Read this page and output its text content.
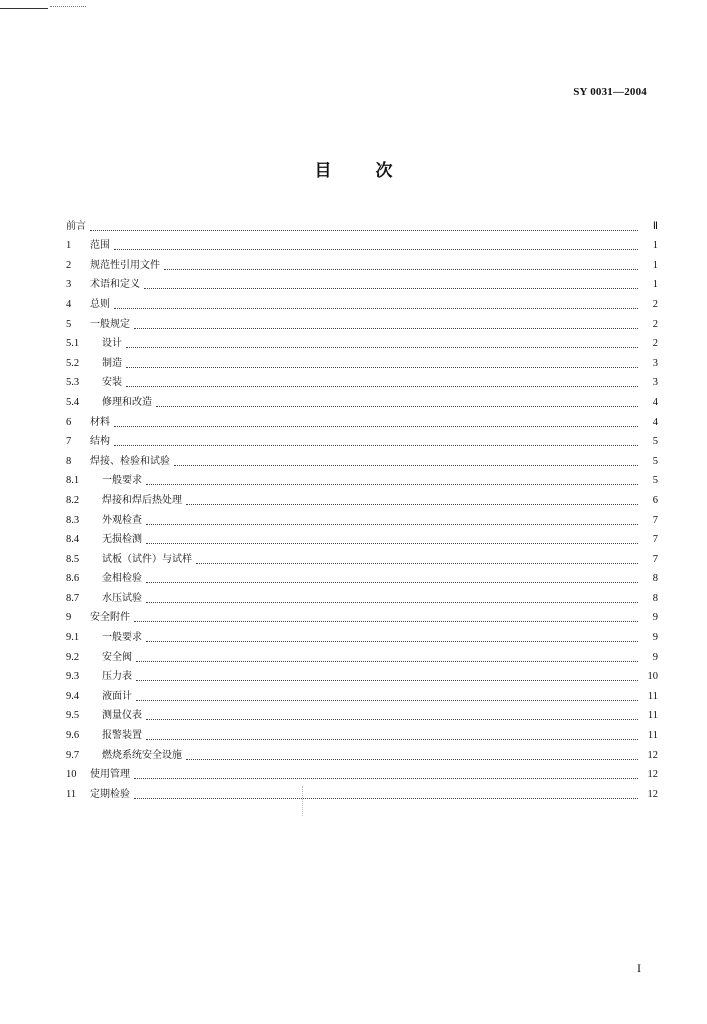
SY 0031—2004
目	次
前言	Ⅱ
1	范围	1
2	规范性引用文件	1
3	术语和定义	1
4	总则	2
5	一般规定	2
5.1	设计	2
5.2	制造	3
5.3	安装	3
5.4	修理和改造	4
6	材料	4
7	结构	5
8	焊接、检验和试验	5
8.1	一般要求	5
8.2	焊接和焊后热处理	6
8.3	外观检查	7
8.4	无损检测	7
8.5	试板（试件）与试样	7
8.6	金相检验	8
8.7	水压试验	8
9	安全附件	9
9.1	一般要求	9
9.2	安全阀	9
9.3	压力表	10
9.4	液面计	11
9.5	测量仪表	11
9.6	报警装置	11
9.7	燃烧系统安全设施	12
10	使用管理	12
11	定期检验	12
I
